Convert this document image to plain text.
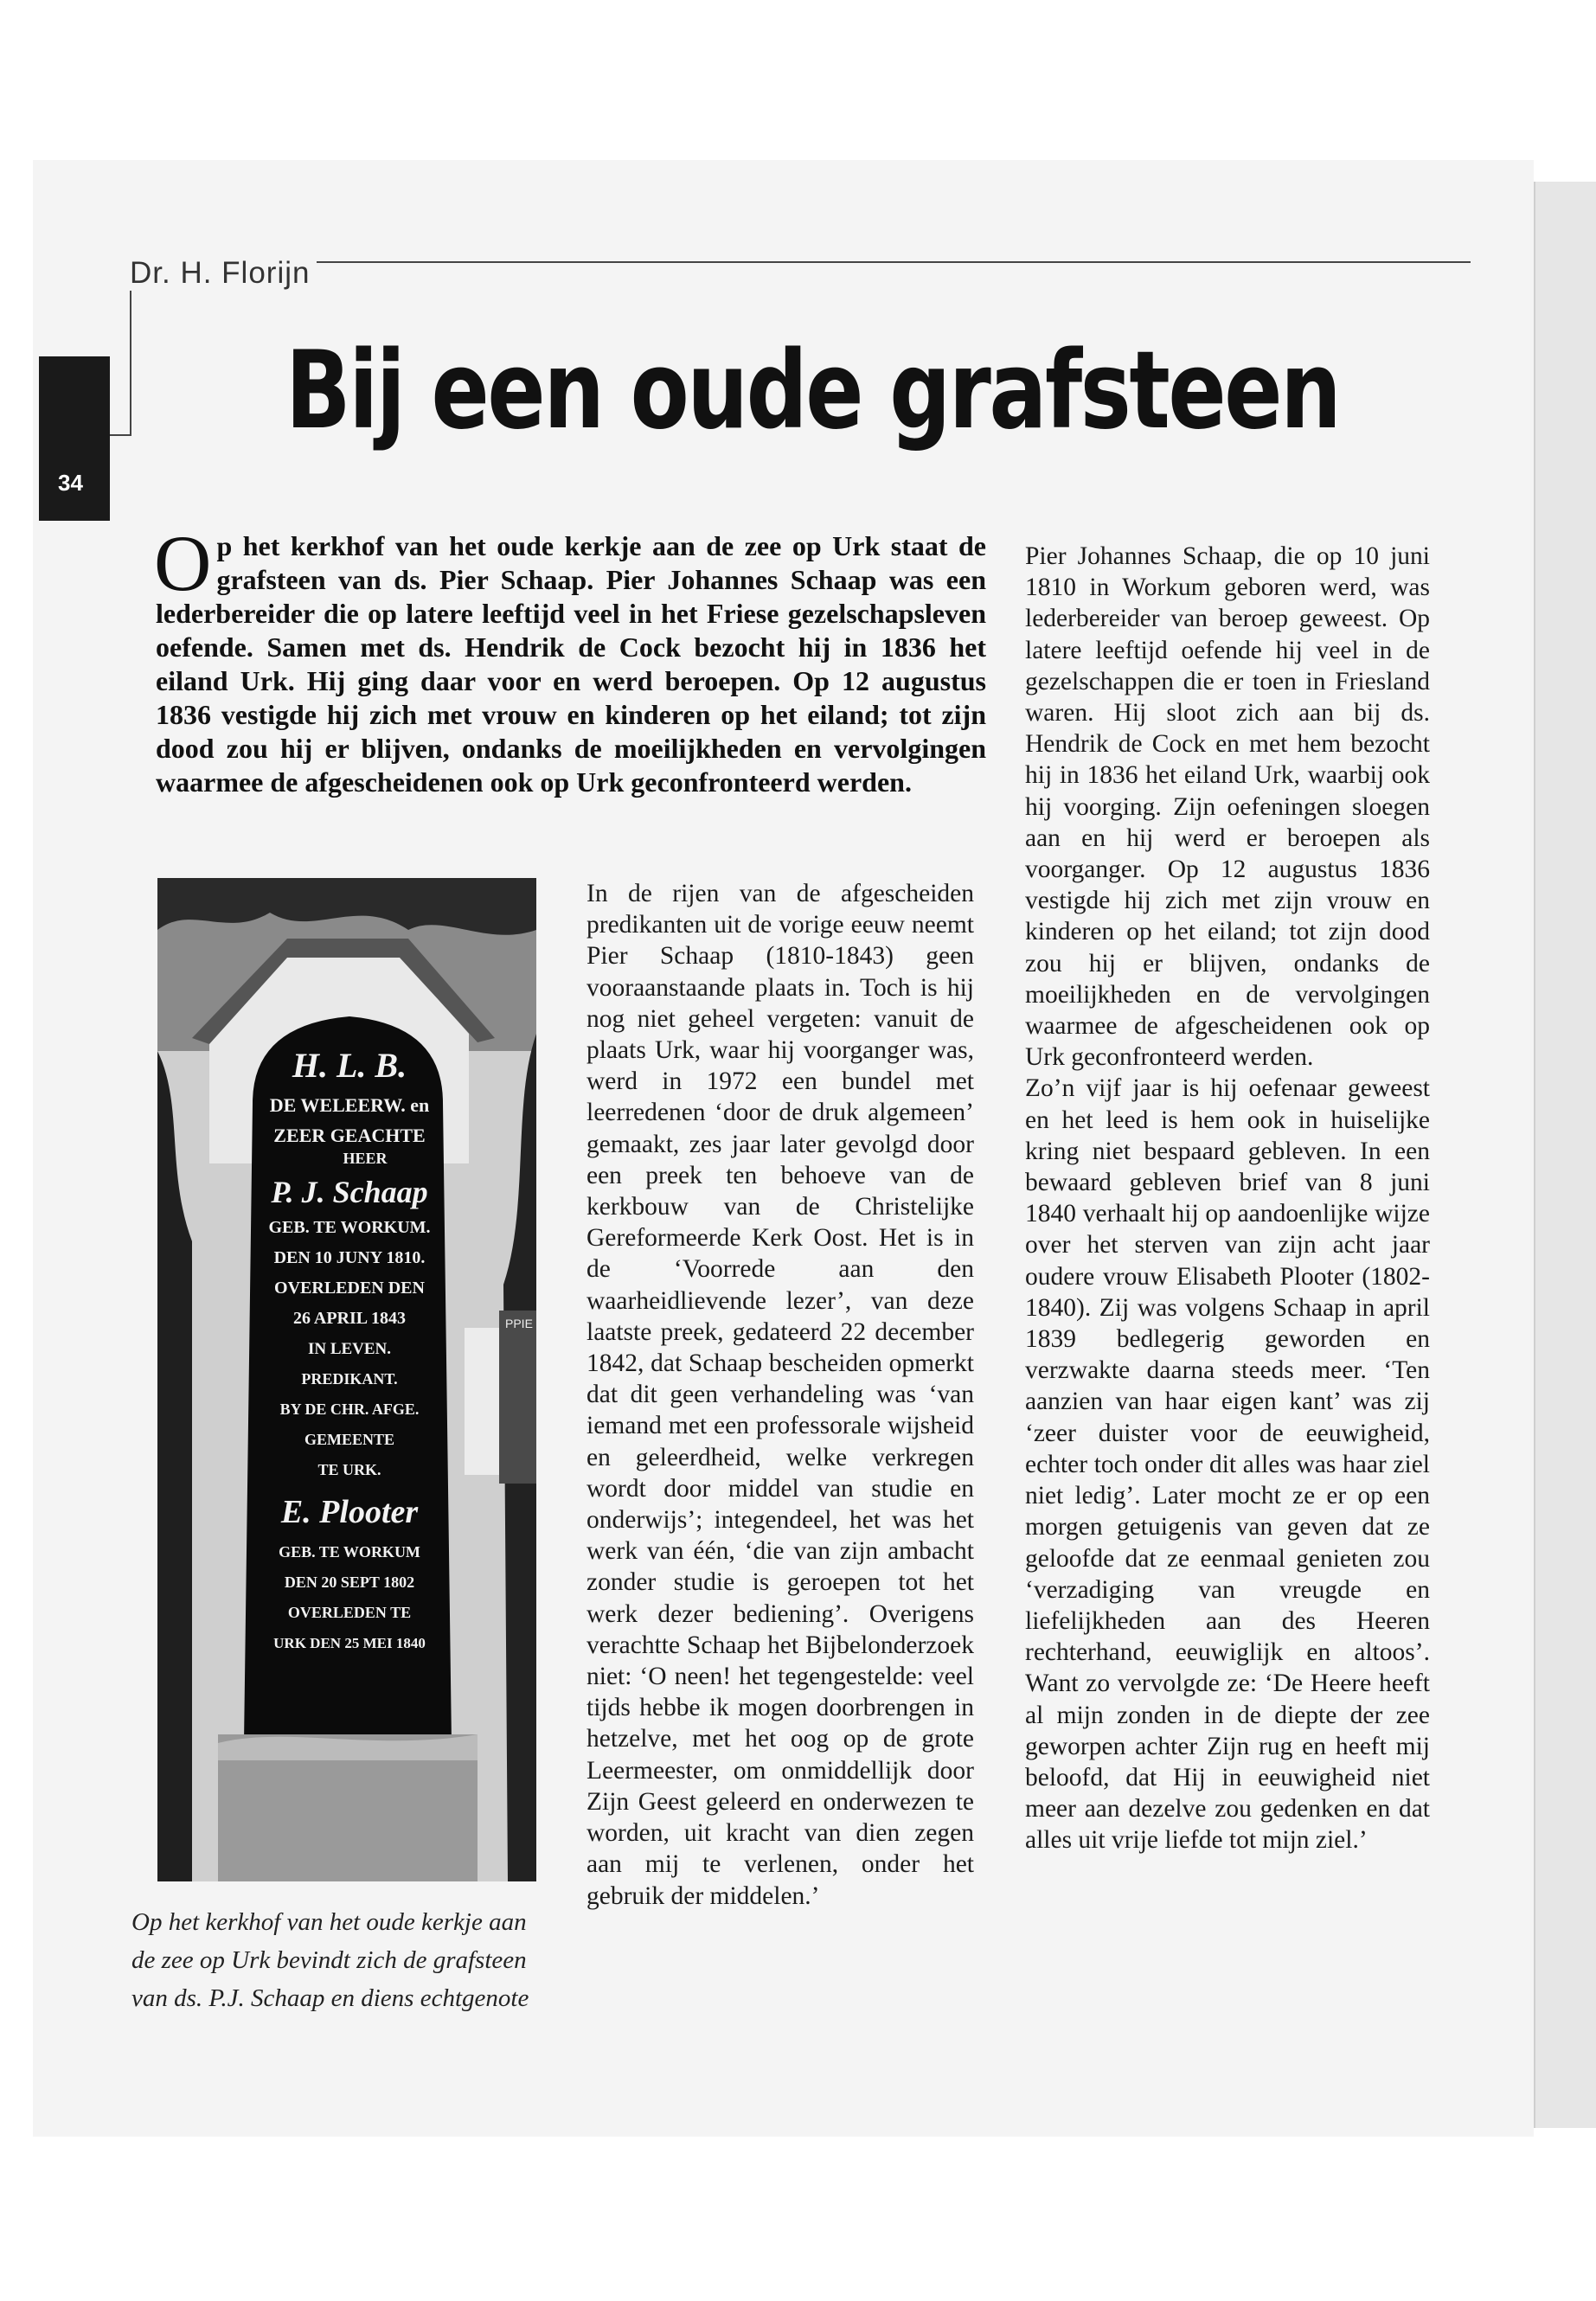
Dr. H. Florijn
34
Bij een oude grafsteen
Op het kerkhof van het oude kerkje aan de zee op Urk staat de grafsteen van ds. Pier Schaap. Pier Johannes Schaap was een lederbereider die op latere leeftijd veel in het Friese gezelschapsleven oefende. Samen met ds. Hendrik de Cock bezocht hij in 1836 het eiland Urk. Hij ging daar voor en werd beroepen. Op 12 augustus 1836 vestigde hij zich met vrouw en kinderen op het eiland; tot zijn dood zou hij er blijven, ondanks de moeilijkheden en vervolgingen waarmee de afgescheidenen ook op Urk geconfronteerd werden.
PPIE
H. L. B.
DE WELEERW. en
ZEER GEACHTE
HEER
P. J. Schaap
GEB. TE WORKUM.
DEN 10 JUNY 1810.
OVERLEDEN DEN
26 APRIL 1843
IN LEVEN.
PREDIKANT.
BY DE CHR. AFGE.
GEMEENTE
TE URK.
E. Plooter
GEB. TE WORKUM
DEN 20 SEPT 1802
OVERLEDEN TE
URK DEN 25 MEI 1840
Op het kerkhof van het oude kerkje aan de zee op Urk bevindt zich de grafsteen van ds. P.J. Schaap en diens echtgenote

In de rijen van de afgescheiden predikanten uit de vorige eeuw neemt Pier Schaap (1810-1843) geen vooraanstaande plaats in. Toch is hij nog niet geheel vergeten: vanuit de plaats Urk, waar hij voorganger was, werd in 1972 een bundel met leerredenen ‘door de druk algemeen’ gemaakt, zes jaar later gevolgd door een preek ten behoeve van de kerkbouw van de Christelijke Gereformeerde Kerk Oost. Het is in de ‘Voorrede aan den waarheidlievende lezer’, van deze laatste preek, gedateerd 22 december 1842, dat Schaap bescheiden opmerkt dat dit geen verhandeling was ‘van iemand met een professorale wijsheid en geleerdheid, welke verkregen wordt door middel van studie en onderwijs’; integendeel, het was het werk van één, ‘die van zijn ambacht zonder studie is geroepen tot het werk dezer bediening’. Overigens verachtte Schaap het Bijbelonderzoek niet: ‘O neen! het tegengestelde: veel tijds hebbe ik mogen doorbrengen in hetzelve, met het oog op de grote Leermeester, om onmiddellijk door Zijn Geest geleerd en onderwezen te worden, uit kracht van dien zegen aan mij te verlenen, onder het gebruik der middelen.’

Pier Johannes Schaap, die op 10 juni 1810 in Workum geboren werd, was lederbereider van beroep geweest. Op latere leeftijd oefende hij veel in de gezelschappen die er toen in Friesland waren. Hij sloot zich aan bij ds. Hendrik de Cock en met hem bezocht hij in 1836 het eiland Urk, waarbij ook hij voorging. Zijn oefeningen sloegen aan en hij werd er beroepen als voorganger. Op 12 augustus 1836 vestigde hij zich met zijn vrouw en kinderen op het eiland; tot zijn dood zou hij er blijven, ondanks de moeilijkheden en de vervolgingen waarmee de afgescheidenen ook op Urk geconfronteerd werden.

Zo’n vijf jaar is hij oefenaar geweest en het leed is hem ook in huiselijke kring niet bespaard gebleven. In een bewaard gebleven brief van 8 juni 1840 verhaalt hij op aandoenlijke wijze over het sterven van zijn acht jaar oudere vrouw Elisabeth Plooter (1802-1840). Zij was volgens Schaap in april 1839 bedlegerig geworden en verzwakte daarna steeds meer. ‘Ten aanzien van haar eigen kant’ was zij ‘zeer duister voor de eeuwigheid, echter toch onder dit alles was haar ziel niet ledig’. Later mocht ze er op een morgen getuigenis van geven dat ze geloofde dat ze eenmaal genieten zou ‘verzadiging van vreugde en liefelijkheden aan des Heeren rechterhand, eeuwiglijk en altoos’. Want zo vervolgde ze: ‘De Heere heeft al mijn zonden in de diepte der zee geworpen achter Zijn rug en heeft mij beloofd, dat Hij in eeuwigheid niet meer aan dezelve zou gedenken en dat alles uit vrije liefde tot mijn ziel.’
